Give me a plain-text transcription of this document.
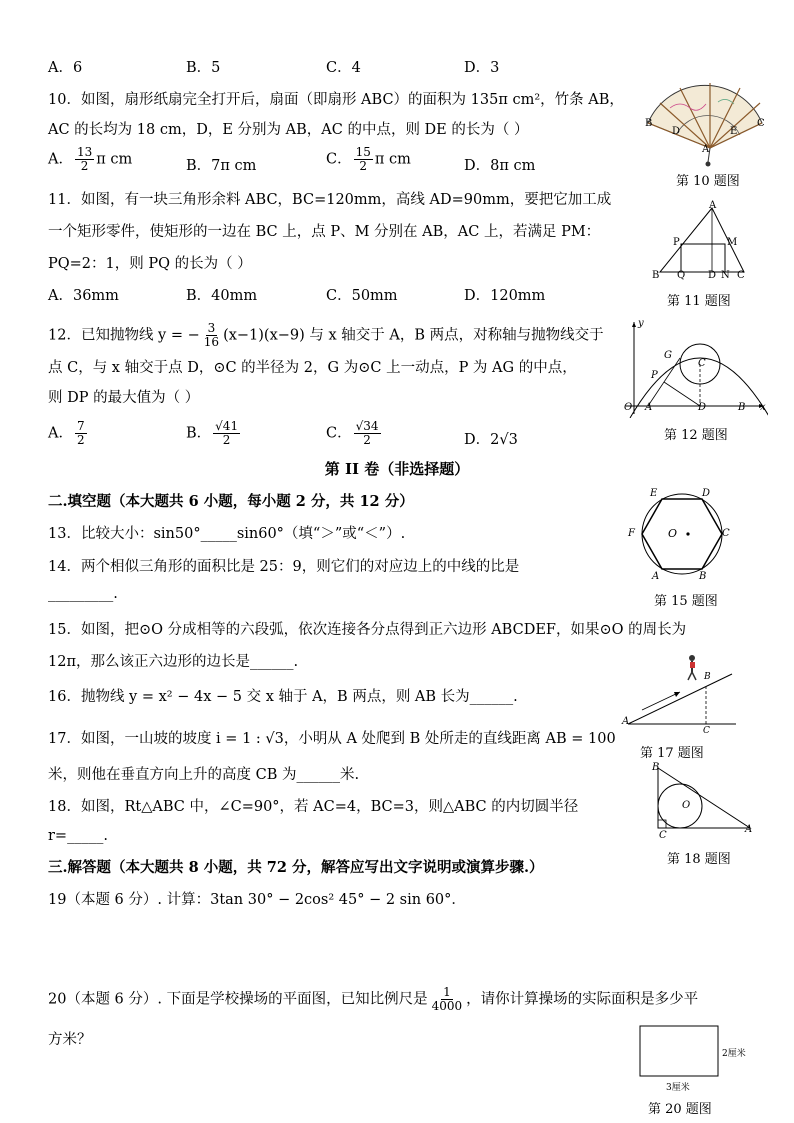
A．6	B．5	C．4	D．3
10．如图，扇形纸扇完全打开后，扇面（即扇形 ABC）的面积为 135π cm²，竹条 AB，
AC 的长均为 18 cm，D，E 分别为 AB，AC 的中点，则 DE 的长为（ ）
A． $\frac{13}{2}$ π cm	B．7π cm	C． $\frac{15}{2}$ π cm	D．8π cm
B
D
A
E
C
第 10 题图
11．如图，有一块三角形余料 ABC，BC=120mm，高线 AD=90mm，要把它加工成
一个矩形零件，使矩形的一边在 BC 上，点 P、M 分别在 AB，AC 上，若满足 PM：
PQ=2：1，则 PQ 的长为（ ）
A．36mm	B．40mm	C．50mm	D．120mm
A
P	M
B Q D N C
第 11 题图
12．已知抛物线 y = − $\frac{3}{16} (x-1)(x-9)$ 与 x 轴交于 A，B 两点，对称轴与抛物线交于
点 C，与 x 轴交于点 D，⊙C 的半径为 2，G 为⊙C 上一动点，P 为 AG 的中点，
则 DP 的最大值为（ ）
A． $\frac{7}{2}$	B． $\frac{√41}{2}$	C． $\frac{√34}{2}$	D．2√3
y
G
C
P
O A	D	B x
第 12 题图
第 II 卷（非选择题）
二.填空题（本大题共 6 小题，每小题 2 分，共 12 分）
13．比较大小：sin50°_____sin60°（填“＞”或“＜”）.
14．两个相似三角形的面积比是 25：9，则它们的对应边上的中线的比是
_________.
E	D
F	O	C
A	B
第 15 题图
15．如图，把⊙O 分成相等的六段弧，依次连接各分点得到正六边形 ABCDEF，如果⊙O 的周长为
12π，那么该正六边形的边长是______.
16．抛物线 y = x² − 4x − 5 交 x 轴于 A，B 两点，则 AB 长为______.
A
B
C
第 17 题图
17．如图，一山坡的坡度 i = 1 : √3，小明从 A 处爬到 B 处所走的直线距离 AB = 100
米，则他在垂直方向上升的高度 CB 为______米.	B
O
C
A
第 18 题图
18．如图，Rt△ABC 中，∠C=90°，若 AC=4，BC=3，则△ABC 的内切圆半径
r=_____.
三.解答题（本大题共 8 小题，共 72 分，解答应写出文字说明或演算步骤.）
19（本题 6 分）. 计算：3tan 30° − 2cos² 45° − 2 sin 60°．
20（本题 6 分）. 下面是学校操场的平面图，已知比例尺是 $\frac{1}{4000}$ ，请你计算操场的实际面积是多少平
方米？
2厘米
3厘米
第 20 题图
